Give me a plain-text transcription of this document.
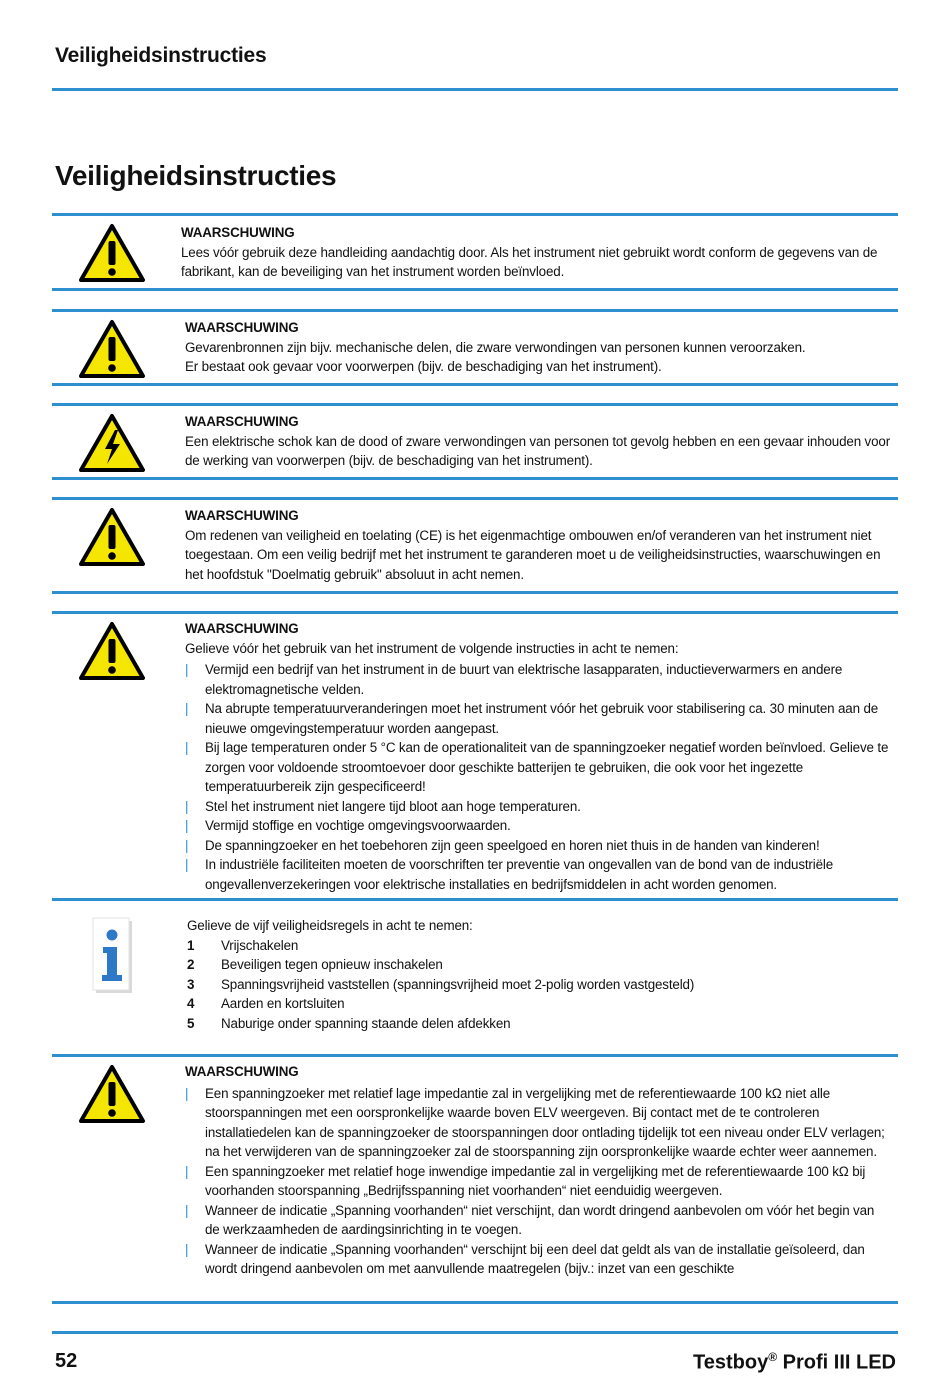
Veiligheidsinstructies
Veiligheidsinstructies
WAARSCHUWING

Lees vóór gebruik deze handleiding aandachtig door. Als het instrument niet gebruikt wordt conform de gegevens van de fabrikant, kan de beveiliging van het instrument worden beïnvloed.

WAARSCHUWING

Gevarenbronnen zijn bijv. mechanische delen, die zware verwondingen van personen kunnen veroorzaken.

Er bestaat ook gevaar voor voorwerpen (bijv. de beschadiging van het instrument).

WAARSCHUWING

Een elektrische schok kan de dood of zware verwondingen van personen tot gevolg hebben en een gevaar inhouden voor de werking van voorwerpen (bijv. de beschadiging van het instrument).

WAARSCHUWING

Om redenen van veiligheid en toelating (CE) is het eigenmachtige ombouwen en/of veranderen van het instrument niet toegestaan. Om een veilig bedrijf met het instrument te garanderen moet u de veiligheidsinstructies, waarschuwingen en het hoofdstuk "Doelmatig gebruik" absoluut in acht nemen.

WAARSCHUWING

Gelieve vóór het gebruik van het instrument de volgende instructies in acht te nemen:

| Vermijd een bedrijf van het instrument in de buurt van elektrische lasapparaten, inductieverwarmers en andere elektromagnetische velden.
| Na abrupte temperatuurveranderingen moet het instrument vóór het gebruik voor stabilisering ca. 30 minuten aan de nieuwe omgevingstemperatuur worden aangepast.
| Bij lage temperaturen onder 5 °C kan de operationaliteit van de spanningzoeker negatief worden beïnvloed. Gelieve te zorgen voor voldoende stroomtoevoer door geschikte batterijen te gebruiken, die ook voor het ingezette temperatuurbereik zijn gespecificeerd!
| Stel het instrument niet langere tijd bloot aan hoge temperaturen.
| Vermijd stoffige en vochtige omgevingsvoorwaarden.
| De spanningzoeker en het toebehoren zijn geen speelgoed en horen niet thuis in de handen van kinderen!
| In industriële faciliteiten moeten de voorschriften ter preventie van ongevallen van de bond van de industriële ongevallenverzekeringen voor elektrische installaties en bedrijfsmiddelen in acht worden genomen.

Gelieve de vijf veiligheidsregels in acht te nemen:

1 Vrijschakelen
2 Beveiligen tegen opnieuw inschakelen
3 Spanningsvrijheid vaststellen (spanningsvrijheid moet 2-polig worden vastgesteld)
4 Aarden en kortsluiten
5 Naburige onder spanning staande delen afdekken
WAARSCHUWING
| Een spanningzoeker met relatief lage impedantie zal in vergelijking met de referentiewaarde 100 kΩ niet alle stoorspanningen met een oorspronkelijke waarde boven ELV weergeven. Bij contact met de te controleren installatiedelen kan de spanningzoeker de stoorspanningen door ontlading tijdelijk tot een niveau onder ELV verlagen; na het verwijderen van de spanningzoeker zal de stoorspanning zijn oorspronkelijke waarde echter weer aannemen.
| Een spanningzoeker met relatief hoge inwendige impedantie zal in vergelijking met de referentiewaarde 100 kΩ bij voorhanden stoorspanning „Bedrijfsspanning niet voorhanden“ niet eenduidig weergeven.
| Wanneer de indicatie „Spanning voorhanden“ niet verschijnt, dan wordt dringend aanbevolen om vóór het begin van de werkzaamheden de aardingsinrichting in te voegen.
| Wanneer de indicatie „Spanning voorhanden“ verschijnt bij een deel dat geldt als van de installatie geïsoleerd, dan wordt dringend aanbevolen om met aanvullende maatregelen (bijv.: inzet van een geschikte
52	Testboy® Profi III LED
